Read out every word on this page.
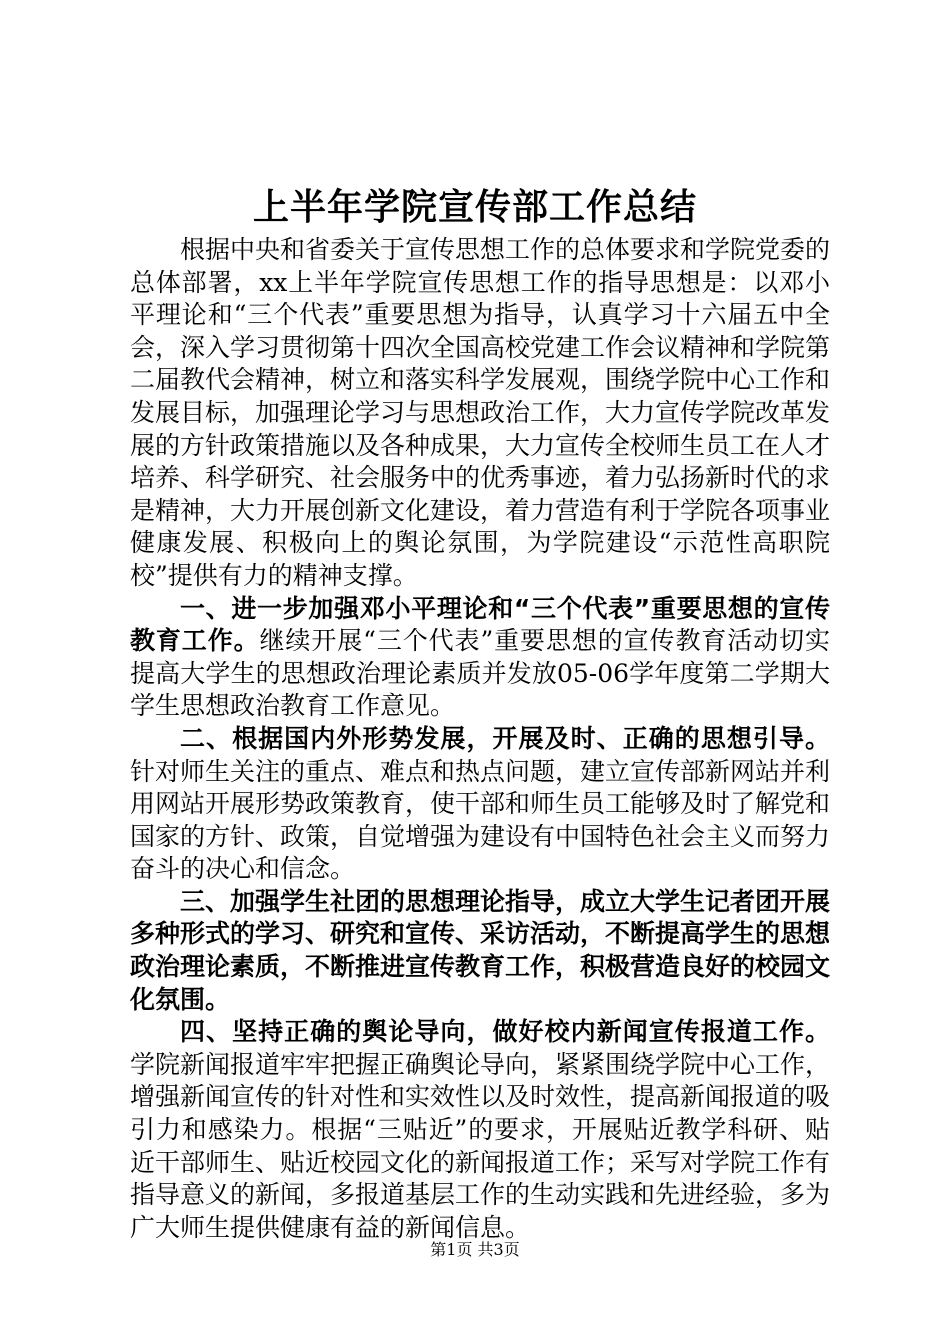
上半年学院宣传部工作总结

根据中央和省委关于宣传思想工作的总体要求和学院党委的总体部署，xx上半年学院宣传思想工作的指导思想是：以邓小平理论和“三个代表”重要思想为指导，认真学习十六届五中全会，深入学习贯彻第十四次全国高校党建工作会议精神和学院第二届教代会精神，树立和落实科学发展观，围绕学院中心工作和发展目标，加强理论学习与思想政治工作，大力宣传学院改革发展的方针政策措施以及各种成果，大力宣传全校师生员工在人才培养、科学研究、社会服务中的优秀事迹，着力弘扬新时代的求是精神，大力开展创新文化建设，着力营造有利于学院各项事业健康发展、积极向上的舆论氛围，为学院建设“示范性高职院校”提供有力的精神支撑。

一、进一步加强邓小平理论和“三个代表”重要思想的宣传教育工作。继续开展“三个代表”重要思想的宣传教育活动切实提高大学生的思想政治理论素质并发放05-06学年度第二学期大学生思想政治教育工作意见。

二、根据国内外形势发展，开展及时、正确的思想引导。针对师生关注的重点、难点和热点问题，建立宣传部新网站并利用网站开展形势政策教育，使干部和师生员工能够及时了解党和国家的方针、政策，自觉增强为建设有中国特色社会主义而努力奋斗的决心和信念。

三、加强学生社团的思想理论指导，成立大学生记者团开展多种形式的学习、研究和宣传、采访活动，不断提高学生的思想政治理论素质，不断推进宣传教育工作，积极营造良好的校园文化氛围。

四、坚持正确的舆论导向，做好校内新闻宣传报道工作。学院新闻报道牢牢把握正确舆论导向，紧紧围绕学院中心工作，增强新闻宣传的针对性和实效性以及时效性，提高新闻报道的吸引力和感染力。根据“三贴近”的要求，开展贴近教学科研、贴近干部师生、贴近校园文化的新闻报道工作；采写对学院工作有指导意义的新闻，多报道基层工作的生动实践和先进经验，多为广大师生提供健康有益的新闻信息。

第1页 共3页
